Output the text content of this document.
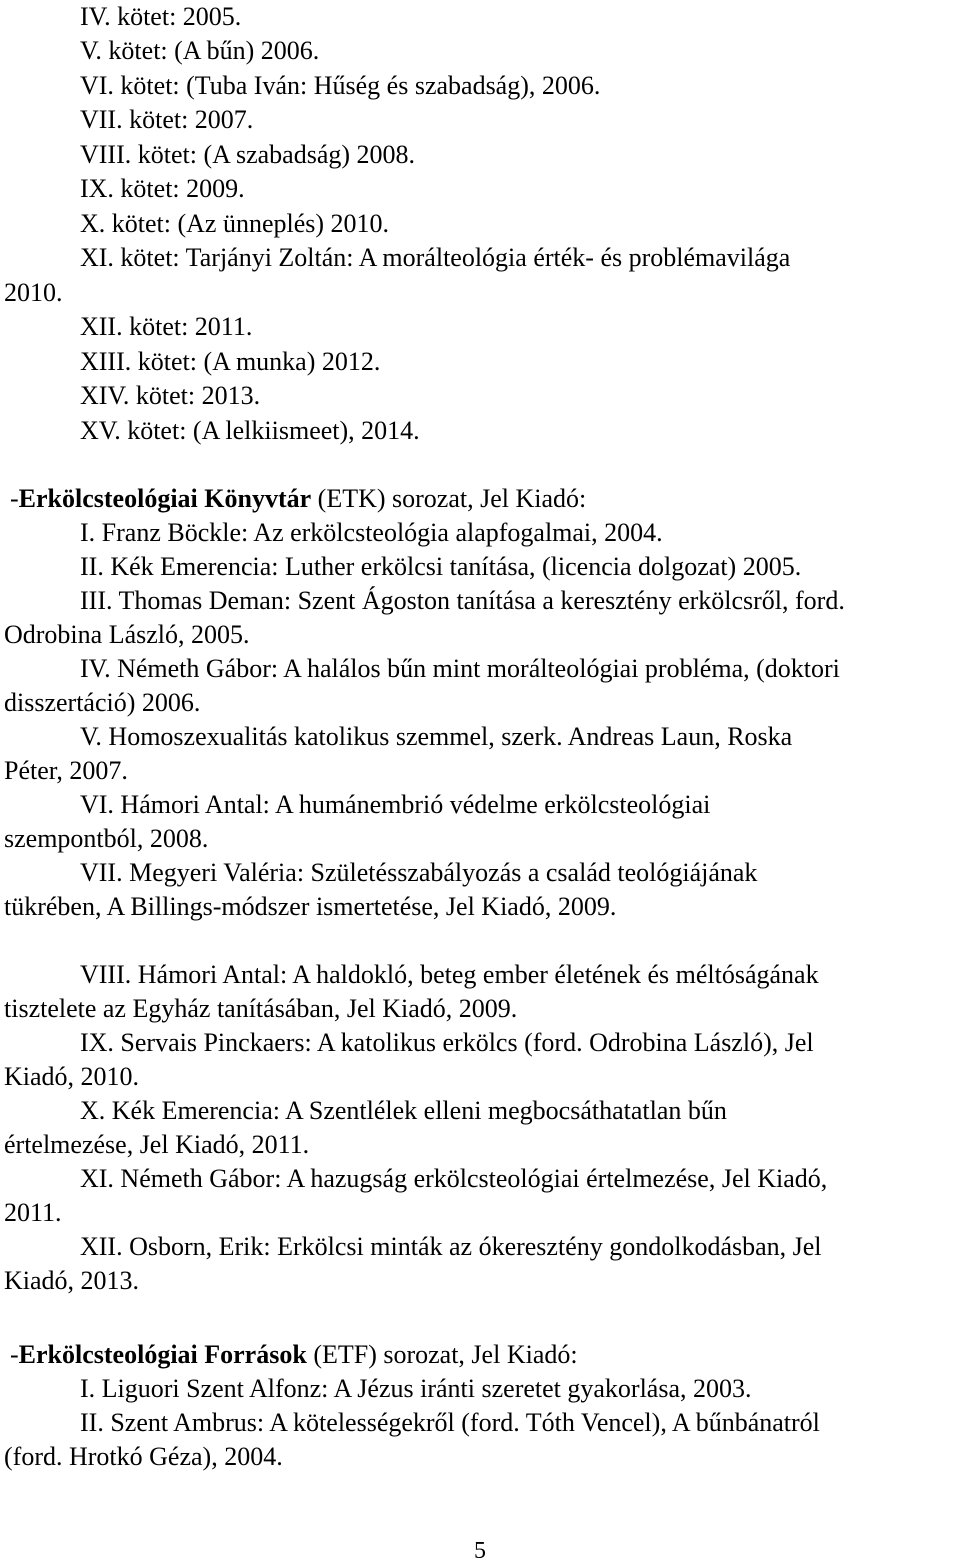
IV. kötet: 2005.
V. kötet: (A bűn) 2006.
VI. kötet: (Tuba Iván: Hűség és szabadság), 2006.
VII. kötet: 2007.
VIII. kötet: (A szabadság) 2008.
IX. kötet: 2009.
X. kötet: (Az ünneplés) 2010.
XI. kötet: Tarjányi Zoltán: A morálteológia érték- és problémavilága
2010.
XII. kötet: 2011.
XIII. kötet: (A munka) 2012.
XIV. kötet: 2013.
XV. kötet: (A lelkiismeet), 2014.
-Erkölcsteológiai Könyvtár (ETK) sorozat, Jel Kiadó:
I. Franz Böckle: Az erkölcsteológia alapfogalmai, 2004.
II. Kék Emerencia: Luther erkölcsi tanítása, (licencia dolgozat) 2005.
III. Thomas Deman: Szent Ágoston tanítása a keresztény erkölcsről, ford.
Odrobina László, 2005.
IV. Németh Gábor: A halálos bűn mint morálteológiai probléma, (doktori
disszertáció) 2006.
V. Homoszexualitás katolikus szemmel, szerk. Andreas Laun, Roska
Péter, 2007.
VI. Hámori Antal: A humánembrió védelme erkölcsteológiai
szempontból, 2008.
VII. Megyeri Valéria: Születésszabályozás a család teológiájának
tükrében, A Billings-módszer ismertetése, Jel Kiadó, 2009.
VIII. Hámori Antal: A haldokló, beteg ember életének és méltóságának
tisztelete az Egyház tanításában, Jel Kiadó, 2009.
IX. Servais Pinckaers: A katolikus erkölcs (ford. Odrobina László), Jel
Kiadó, 2010.
X. Kék Emerencia: A Szentlélek elleni megbocsáthatatlan bűn
értelmezése, Jel Kiadó, 2011.
XI. Németh Gábor: A hazugság erkölcsteológiai értelmezése, Jel Kiadó,
2011.
XII. Osborn, Erik: Erkölcsi minták az ókeresztény gondolkodásban, Jel
Kiadó, 2013.
-Erkölcsteológiai Források (ETF) sorozat, Jel Kiadó:
I. Liguori Szent Alfonz: A Jézus iránti szeretet gyakorlása, 2003.
II. Szent Ambrus: A kötelességekről (ford. Tóth Vencel), A bűnbánatról
(ford. Hrotkó Géza), 2004.
5
